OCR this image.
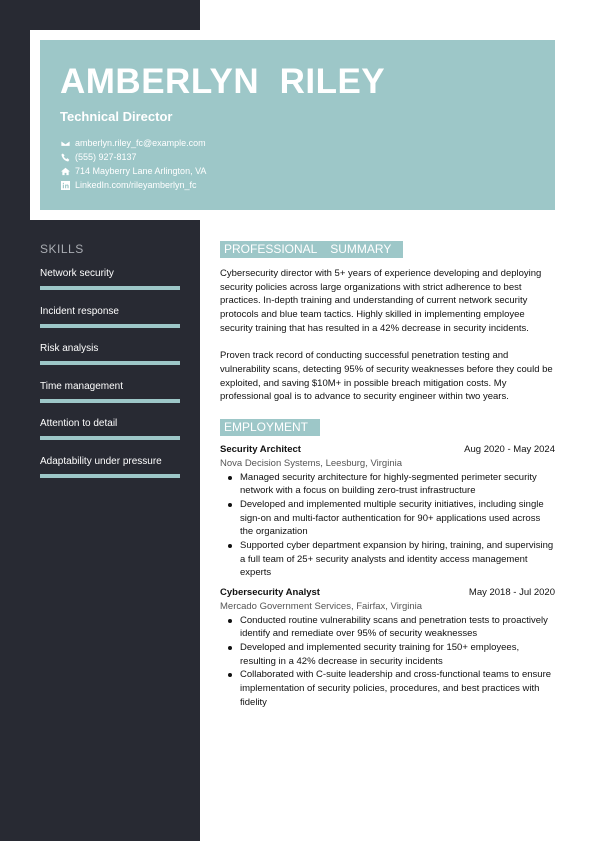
AMBERLYN  RILEY
Technical Director
amberlyn.riley_fc@example.com
(555) 927-8137
714 Mayberry Lane Arlington, VA
LinkedIn.com/rileyamberlyn_fc
SKILLS
Network security
Incident response
Risk analysis
Time management
Attention to detail
Adaptability under pressure
PROFESSIONAL    SUMMARY

Cybersecurity director with 5+ years of experience developing and deploying security policies across large organizations with strict adherence to best practices. In-depth training and understanding of current network security protocols and blue team tactics. Highly skilled in implementing employee security training that has resulted in a 42% decrease in security incidents.

Proven track record of conducting successful penetration testing and vulnerability scans, detecting 95% of security weaknesses before they could be exploited, and saving $10M+ in possible breach mitigation costs. My professional goal is to advance to security engineer within two years.

EMPLOYMENT
Security Architect	Aug 2020 - May 2024
Nova Decision Systems, Leesburg, Virginia
Managed security architecture for highly-segmented perimeter security network with a focus on building zero-trust infrastructure
Developed and implemented multiple security initiatives, including single sign-on and multi-factor authentication for 90+ applications used across the organization
Supported cyber department expansion by hiring, training, and supervising a full team of 25+ security analysts and identity access management experts
Cybersecurity Analyst	May 2018 - Jul 2020
Mercado Government Services, Fairfax, Virginia
Conducted routine vulnerability scans and penetration tests to proactively identify and remediate over 95% of security weaknesses
Developed and implemented security training for 150+ employees, resulting in a 42% decrease in security incidents
Collaborated with C-suite leadership and cross-functional teams to ensure implementation of security policies, procedures, and best practices with fidelity
